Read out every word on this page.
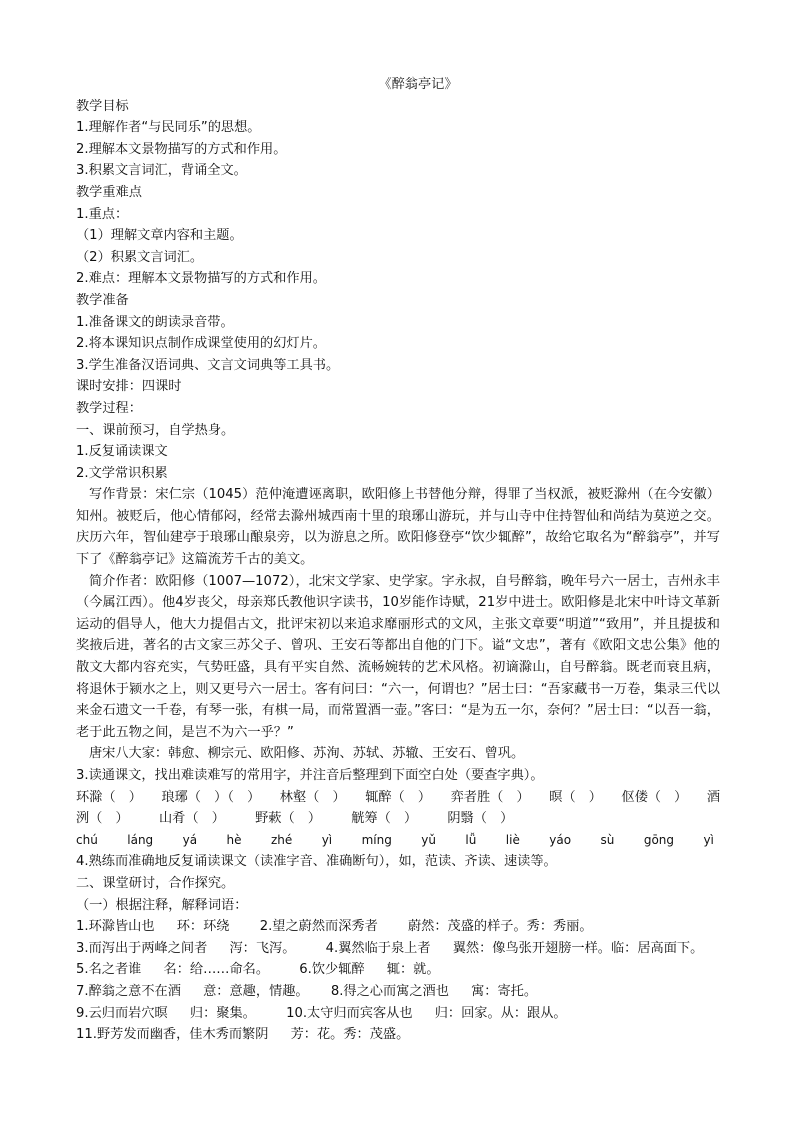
《醉翁亭记》
教学目标
1.理解作者“与民同乐”的思想。
2.理解本文景物描写的方式和作用。
3.积累文言词汇，背诵全文。
教学重难点
1.重点：
（1）理解文章内容和主题。
（2）积累文言词汇。
2.难点：理解本文景物描写的方式和作用。
教学准备
1.准备课文的朗读录音带。
2.将本课知识点制作成课堂使用的幻灯片。
3.学生准备汉语词典、文言文词典等工具书。
课时安排：四课时
教学过程：
一、课前预习，自学热身。
1.反复诵读课文
2.文学常识积累
写作背景：宋仁宗（1045）范仲淹遭诬离职，欧阳修上书替他分辩，得罪了当权派，被贬滁州（在今安徽）知州。被贬后，他心情郁闷，经常去滁州城西南十里的琅琊山游玩，并与山寺中住持智仙和尚结为莫逆之交。庆历六年，智仙建亭于琅琊山酿泉旁，以为游息之所。欧阳修登亭“饮少辄醉”，故给它取名为“醉翁亭”，并写下了《醉翁亭记》这篇流芳千古的美文。
简介作者：欧阳修（1007—1072），北宋文学家、史学家。字永叔，自号醉翁，晚年号六一居士，吉州永丰（今属江西）。他4岁丧父，母亲郑氏教他识字读书，10岁能作诗赋，21岁中进士。欧阳修是北宋中叶诗文革新运动的倡导人，他大力提倡古文，批评宋初以来追求靡丽形式的文风，主张文章要“明道”“致用”，并且提拔和奖掖后进，著名的古文家三苏父子、曾巩、王安石等都出自他的门下。谥“文忠”，著有《欧阳文忠公集》他的散文大都内容充实，气势旺盛，具有平实自然、流畅婉转的艺术风格。初谪滁山，自号醉翁。既老而衰且病，将退休于颍水之上，则又更号六一居士。客有问曰：“六一，何谓也？”居士曰：“吾家藏书一万卷，集录三代以来金石遗文一千卷，有琴一张，有棋一局，而常置酒一壶。”客曰：“是为五一尔，奈何？”居士曰：“以吾一翁，老于此五物之间，是岂不为六一乎？”
唐宋八大家：韩愈、柳宗元、欧阳修、苏洵、苏轼、苏辙、王安石、曾巩。
3.读通课文，找出难读难写的常用字，并注音后整理到下面空白处（要查字典）。
环滁（　） 琅琊（　）（　） 林壑（　） 辄醉（　） 弈者胜（　） 暝（　） 伛偻（　） 酒
洌（　） 山肴（　） 野蔌（　） 觥筹（　） 阴翳（　）
chú láng yá hè zhé yì míng yǔ lǚ liè yáo sù gōng yì
4.熟练而准确地反复诵读课文（读准字音、准确断句），如，范读、齐读、速读等。
二、课堂研讨，合作探究。
（一）根据注释，解释词语：
1.环滁皆山也 环：环绕 2.望之蔚然而深秀者 蔚然：茂盛的样子。秀：秀丽。
3.而泻出于两峰之间者 泻：飞泻。 4.翼然临于泉上者 翼然：像鸟张开翅膀一样。临：居高面下。
5.名之者谁 名：给……命名。 6.饮少辄醉 辄：就。
7.醉翁之意不在酒 意：意趣，情趣。 8.得之心而寓之酒也 寓：寄托。
9.云归而岩穴暝 归：聚集。 10.太守归而宾客从也 归：回家。从：跟从。
11.野芳发而幽香，佳木秀而繁阴 芳：花。秀：茂盛。
